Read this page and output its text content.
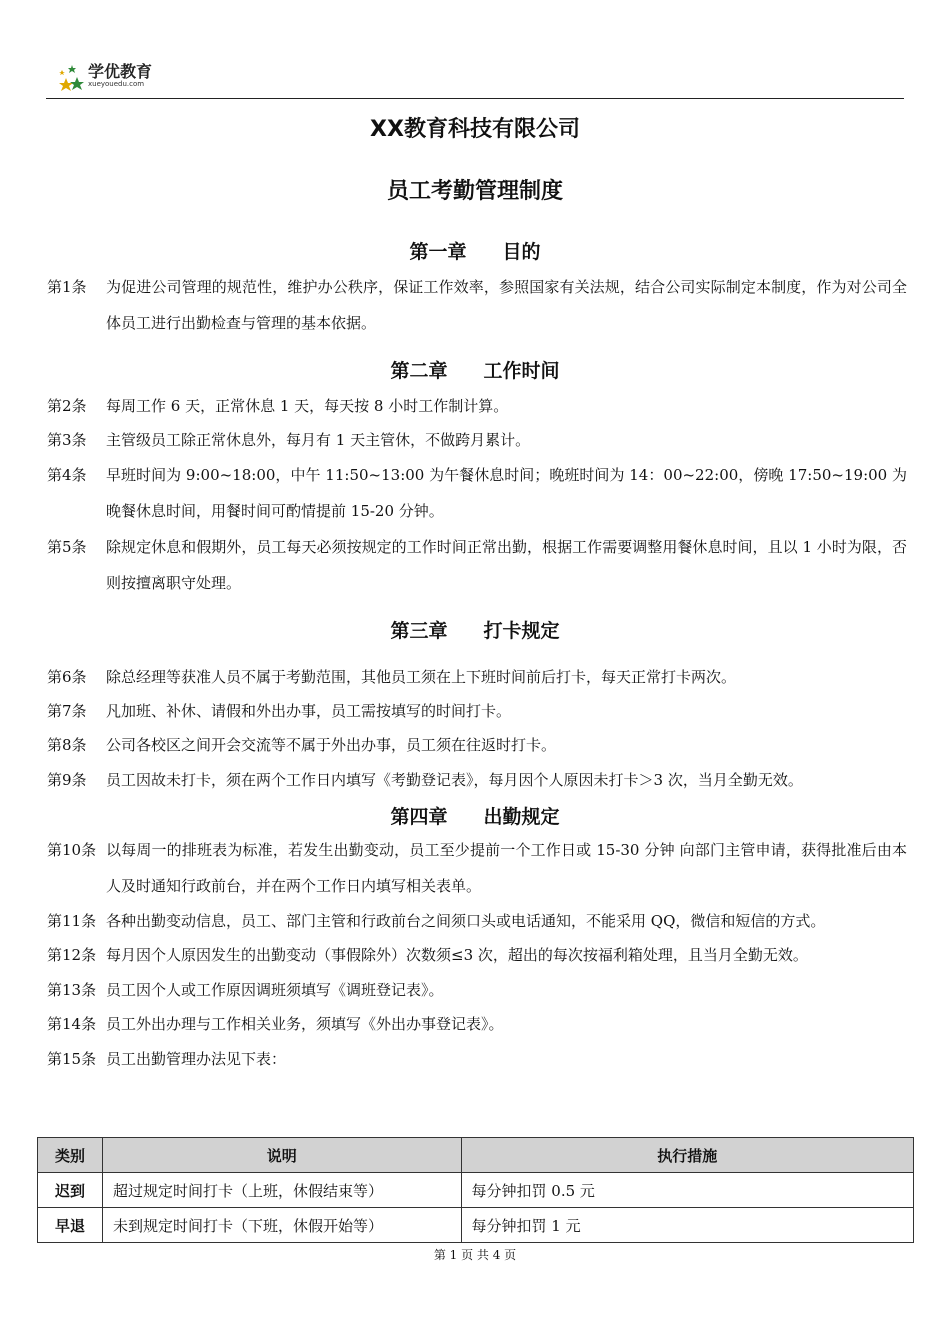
学优教育
xueyouedu.com
XX教育科技有限公司
员工考勤管理制度
第一章 目的
第1条 为促进公司管理的规范性，维护办公秩序，保证工作效率，参照国家有关法规，结合公司实际制定本制度，作为对公司全体员工进行出勤检查与管理的基本依据。
第二章 工作时间
第2条 每周工作 6 天，正常休息 1 天，每天按 8 小时工作制计算。
第3条 主管级员工除正常休息外，每月有 1 天主管休，不做跨月累计。
第4条 早班时间为 9:00~18:00，中午 11:50~13:00 为午餐休息时间；晚班时间为 14：00~22:00，傍晚 17:50~19:00 为晚餐休息时间，用餐时间可酌情提前 15-20 分钟。
第5条 除规定休息和假期外，员工每天必须按规定的工作时间正常出勤，根据工作需要调整用餐休息时间，且以 1 小时为限，否则按擅离职守处理。
第三章 打卡规定
第6条 除总经理等获准人员不属于考勤范围，其他员工须在上下班时间前后打卡，每天正常打卡两次。
第7条 凡加班、补休、请假和外出办事，员工需按填写的时间打卡。
第8条 公司各校区之间开会交流等不属于外出办事，员工须在往返时打卡。
第9条 员工因故未打卡，须在两个工作日内填写《考勤登记表》，每月因个人原因未打卡＞3 次，当月全勤无效。
第四章 出勤规定
第10条 以每周一的排班表为标准，若发生出勤变动，员工至少提前一个工作日或 15-30 分钟 向部门主管申请，获得批准后由本人及时通知行政前台，并在两个工作日内填写相关表单。
第11条 各种出勤变动信息，员工、部门主管和行政前台之间须口头或电话通知，不能采用 QQ，微信和短信的方式。
第12条 每月因个人原因发生的出勤变动（事假除外）次数须≤3 次，超出的每次按福利箱处理，且当月全勤无效。
第13条 员工因个人或工作原因调班须填写《调班登记表》。
第14条 员工外出办理与工作相关业务，须填写《外出办事登记表》。
第15条 员工出勤管理办法见下表：
类别	说明	执行措施
迟到	超过规定时间打卡（上班，休假结束等）	每分钟扣罚 0.5 元
早退	未到规定时间打卡（下班，休假开始等）	每分钟扣罚 1 元
第 1 页 共 4 页
